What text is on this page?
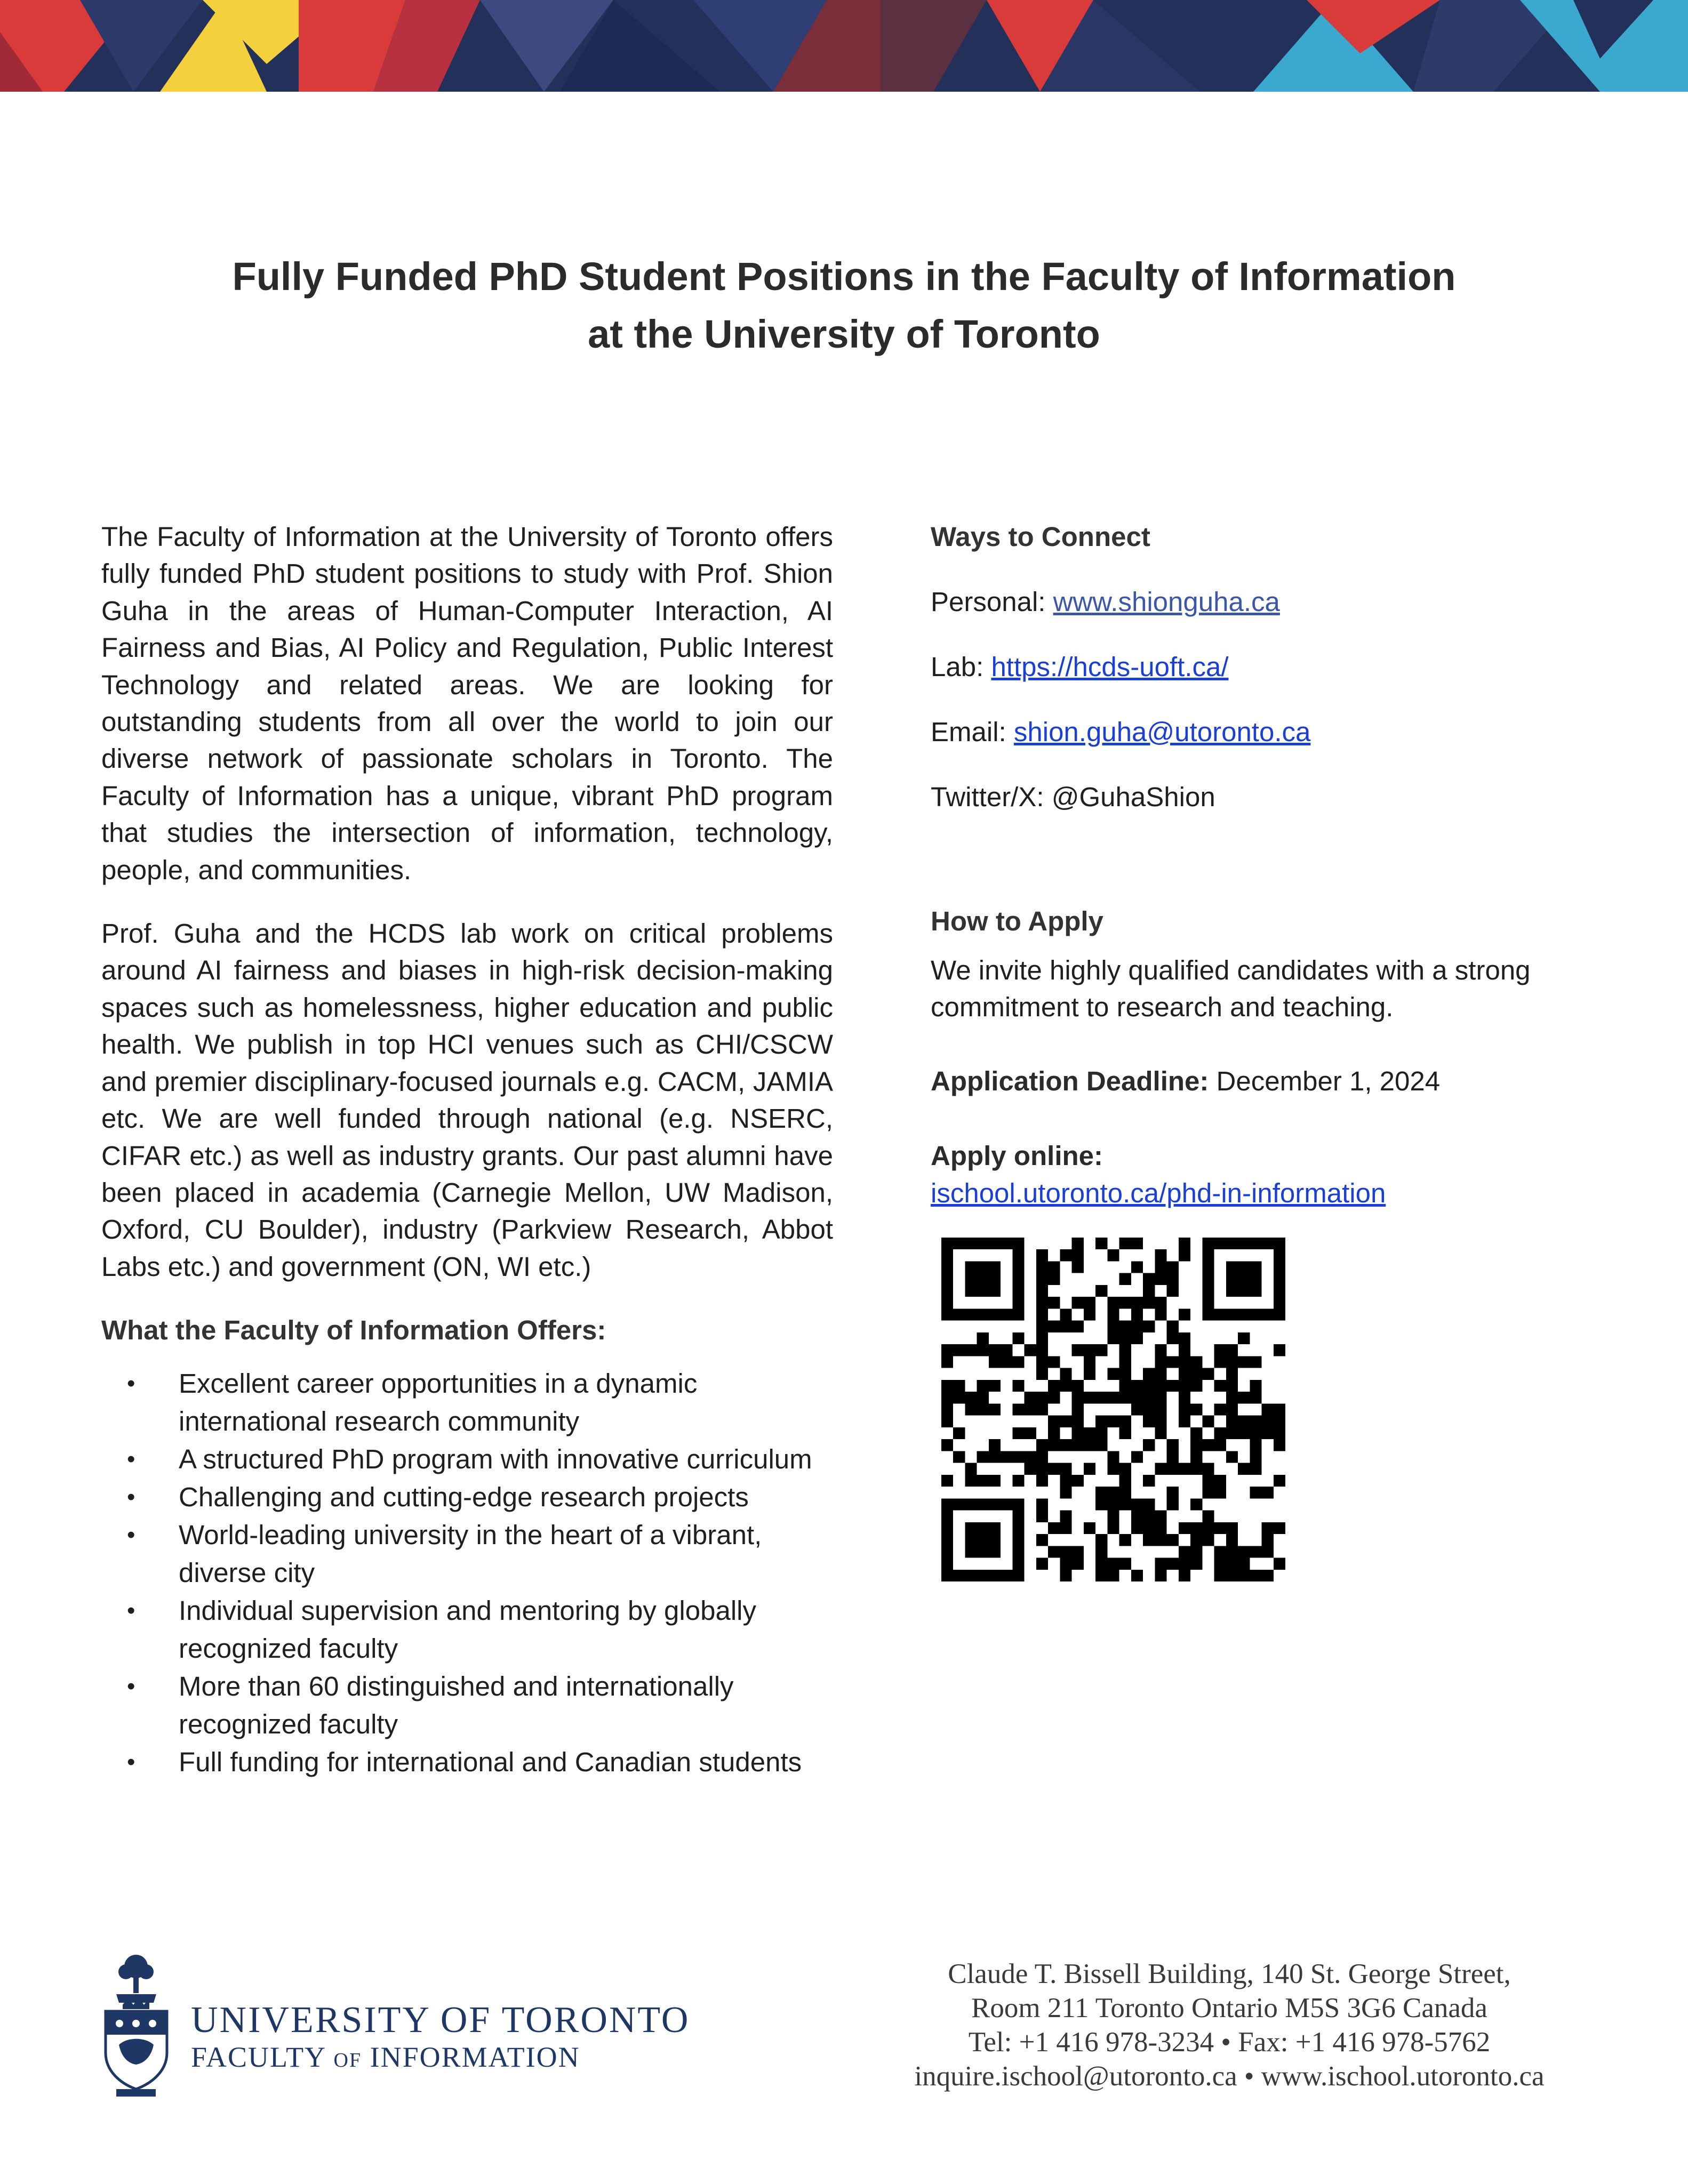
Fully Funded PhD Student Positions in the Faculty of Information
at the University of Toronto

The Faculty of Information at the University of Toronto offers fully funded PhD student positions to study with Prof. Shion Guha in the areas of Human-Computer Interaction, AI Fairness and Bias, AI Policy and Regulation, Public Interest Technology and related areas. We are looking for outstanding students from all over the world to join our diverse network of passionate scholars in Toronto. The Faculty of Information has a unique, vibrant PhD program that studies the intersection of information, technology, people, and communities.

Prof. Guha and the HCDS lab work on critical problems around AI fairness and biases in high-risk decision-making spaces such as homelessness, higher education and public health. We publish in top HCI venues such as CHI/CSCW and premier disciplinary-focused journals e.g. CACM, JAMIA etc. We are well funded through national (e.g. NSERC, CIFAR etc.) as well as industry grants. Our past alumni have been placed in academia (Carnegie Mellon, UW Madison, Oxford, CU Boulder), industry (Parkview Research, Abbot Labs etc.) and government (ON, WI etc.)

What the Faculty of Information Offers:
• Excellent career opportunities in a dynamic international research community
• A structured PhD program with innovative curriculum
• Challenging and cutting-edge research projects
• World-leading university in the heart of a vibrant, diverse city
• Individual supervision and mentoring by globally recognized faculty
• More than 60 distinguished and internationally recognized faculty
• Full funding for international and Canadian students
Ways to Connect
Personal: www.shionguha.ca
Lab: https://hcds-uoft.ca/
Email: shion.guha@utoronto.ca
Twitter/X: @GuhaShion
How to Apply
We invite highly qualified candidates with a strong commitment to research and teaching.
Application Deadline: December 1, 2024
Apply online:
ischool.utoronto.ca/phd-in-information
UNIVERSITY OF TORONTO
FACULTY OF INFORMATION
Claude T. Bissell Building, 140 St. George Street,
Room 211 Toronto Ontario M5S 3G6 Canada
Tel: +1 416 978-3234 • Fax: +1 416 978-5762
inquire.ischool@utoronto.ca • www.ischool.utoronto.ca
